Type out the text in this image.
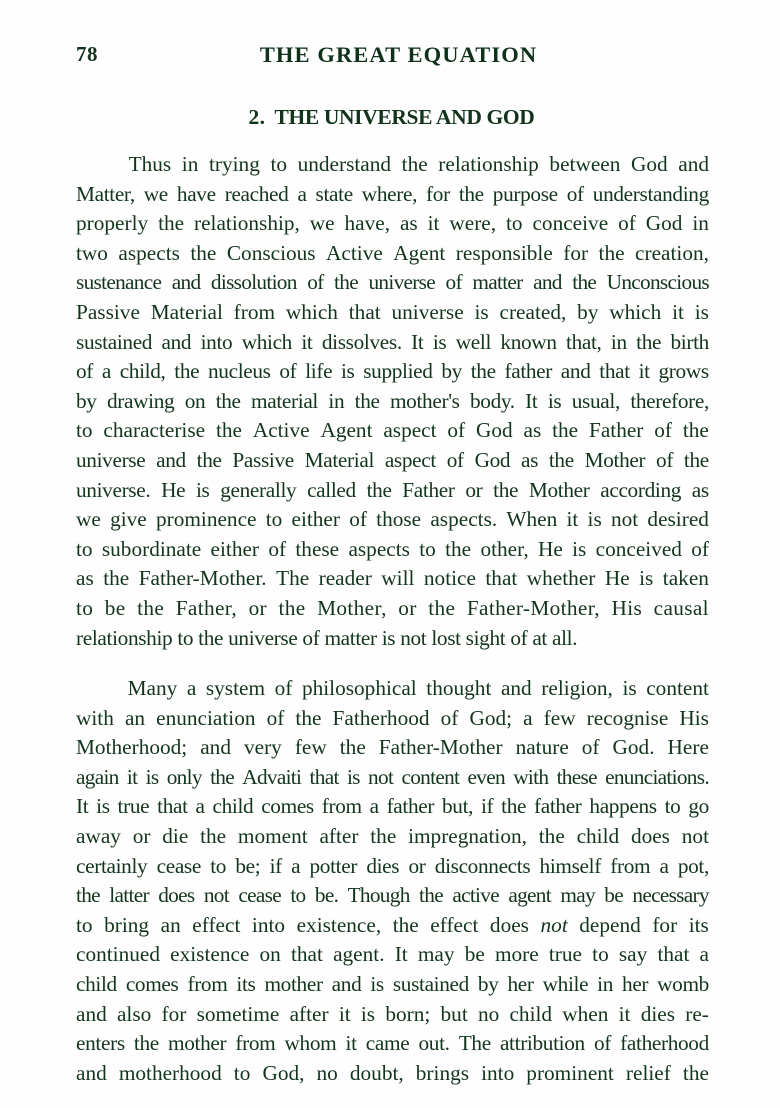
78	THE GREAT EQUATION
2. THE UNIVERSE AND GOD

Thus in trying to understand the relationship between God and
Matter, we have reached a state where, for the purpose of understanding
properly the relationship, we have, as it were, to conceive of God in
two aspects the Conscious Active Agent responsible for the creation,
sustenance and dissolution of the universe of matter and the Unconscious
Passive Material from which that universe is created, by which it is
sustained and into which it dissolves. It is well known that, in the birth
of a child, the nucleus of life is supplied by the father and that it grows
by drawing on the material in the mother's body. It is usual, therefore,
to characterise the Active Agent aspect of God as the Father of the
universe and the Passive Material aspect of God as the Mother of the
universe. He is generally called the Father or the Mother according as
we give prominence to either of those aspects. When it is not desired
to subordinate either of these aspects to the other, He is conceived of
as the Father-Mother. The reader will notice that whether He is taken
to be the Father, or the Mother, or the Father-Mother, His causal
relationship to the universe of matter is not lost sight of at all.

Many a system of philosophical thought and religion, is content
with an enunciation of the Fatherhood of God; a few recognise His
Motherhood; and very few the Father-Mother nature of God. Here
again it is only the Advaiti that is not content even with these enunciations.
It is true that a child comes from a father but, if the father happens to go
away or die the moment after the impregnation, the child does not
certainly cease to be; if a potter dies or disconnects himself from a pot,
the latter does not cease to be. Though the active agent may be necessary
to bring an effect into existence, the effect does not depend for its
continued existence on that agent. It may be more true to say that a
child comes from its mother and is sustained by her while in her womb
and also for sometime after it is born; but no child when it dies re-
enters the mother from whom it came out. The attribution of fatherhood
and motherhood to God, no doubt, brings into prominent relief the
